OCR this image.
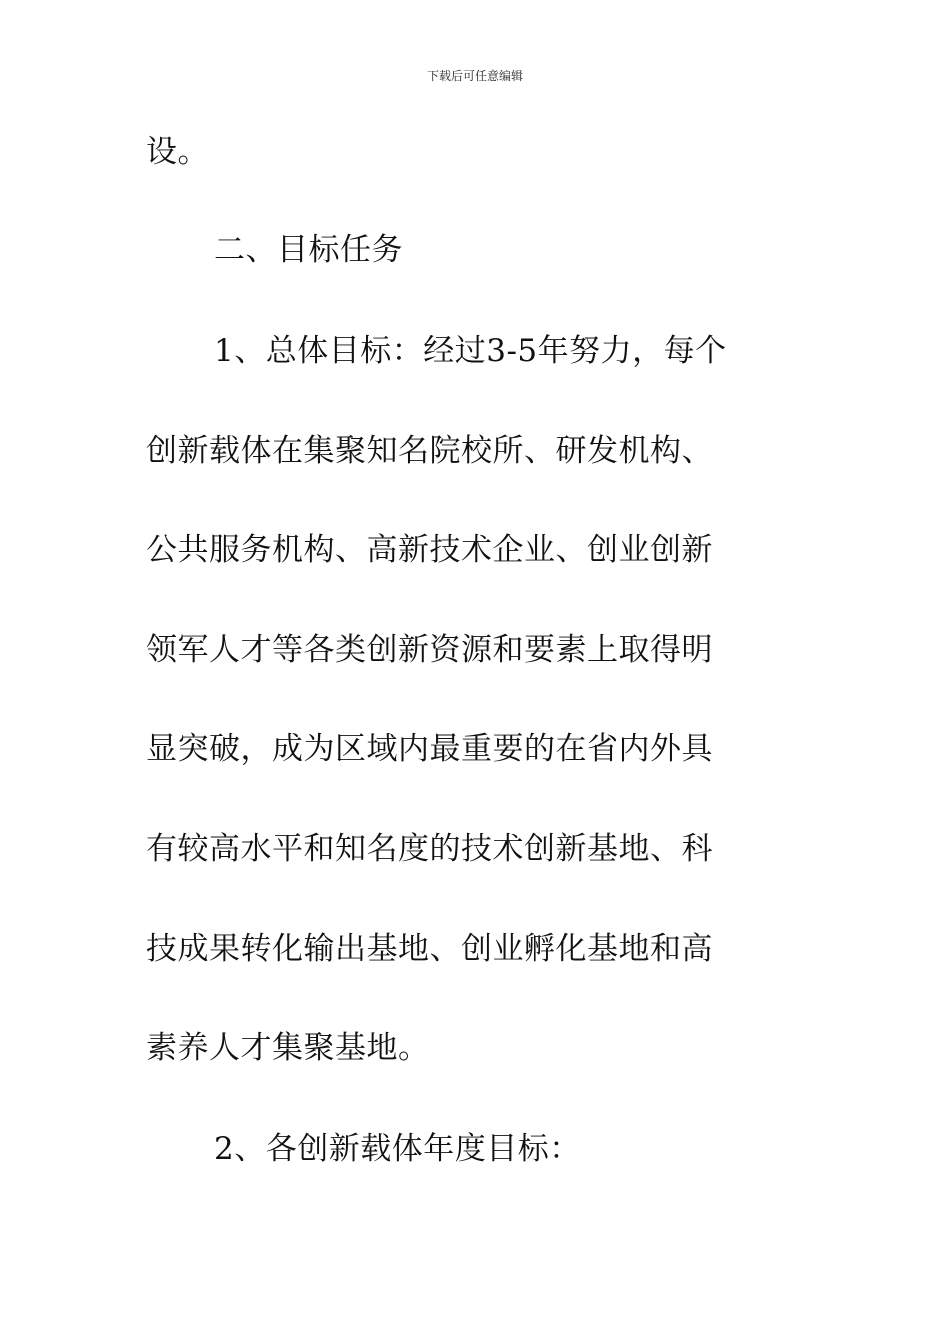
下载后可任意编辑
设。
二、目标任务
1、总体目标：经过3-5年努力，每个
创新载体在集聚知名院校所、研发机构、
公共服务机构、高新技术企业、创业创新
领军人才等各类创新资源和要素上取得明
显突破，成为区域内最重要的在省内外具
有较高水平和知名度的技术创新基地、科
技成果转化输出基地、创业孵化基地和高
素养人才集聚基地。
2、各创新载体年度目标：
